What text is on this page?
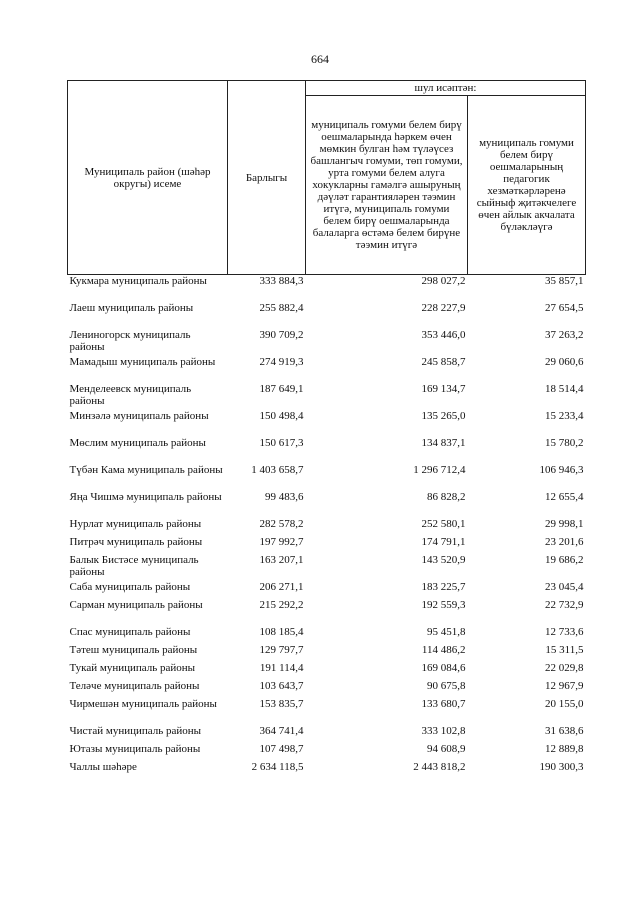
664
Муниципаль район (шәһәр округы) исеме	Барлыгы	шул исәптән:	
		муниципаль гомуми белем бирү оешмаларында һәркем өчен мөмкин булган һәм түләүсез башлангыч гомуми, төп гомуми, урта гомуми белем алуга хокукларны гамәлгә ашыруның дәүләт гарантияләрен тәэмин итүгә, муниципаль гомуми белем бирү оешмаларында балаларга өстәмә белем бирүне тәэмин итүгә	муниципаль гомуми белем бирү оешмаларының педагогик хезмәткәрләренә сыйныф җитәкчелеге өчен айлык акчалата бүләкләүгә
Кукмара муниципаль районы	333 884,3	298 027,2	35 857,1
Лаеш муниципаль районы	255 882,4	228 227,9	27 654,5
Лениногорск муниципаль районы	390 709,2	353 446,0	37 263,2
Мамадыш муниципаль районы	274 919,3	245 858,7	29 060,6
Менделеевск муниципаль районы	187 649,1	169 134,7	18 514,4
Минзәлә муниципаль районы	150 498,4	135 265,0	15 233,4
Мөслим муниципаль районы	150 617,3	134 837,1	15 780,2
Түбән Кама муниципаль районы	1 403 658,7	1 296 712,4	106 946,3
Яңа Чишмә муниципаль районы	99 483,6	86 828,2	12 655,4
Нурлат муниципаль районы	282 578,2	252 580,1	29 998,1
Питрәч муниципаль районы	197 992,7	174 791,1	23 201,6
Балык Бистәсе муниципаль районы	163 207,1	143 520,9	19 686,2
Саба муниципаль районы	206 271,1	183 225,7	23 045,4
Сарман муниципаль районы	215 292,2	192 559,3	22 732,9
Спас муниципаль районы	108 185,4	95 451,8	12 733,6
Тәтеш муниципаль районы	129 797,7	114 486,2	15 311,5
Тукай муниципаль районы	191 114,4	169 084,6	22 029,8
Теләче муниципаль районы	103 643,7	90 675,8	12 967,9
Чирмешән муниципаль районы	153 835,7	133 680,7	20 155,0
Чистай муниципаль районы	364 741,4	333 102,8	31 638,6
Ютазы муниципаль районы	107 498,7	94 608,9	12 889,8
Чаллы шәһәре	2 634 118,5	2 443 818,2	190 300,3
